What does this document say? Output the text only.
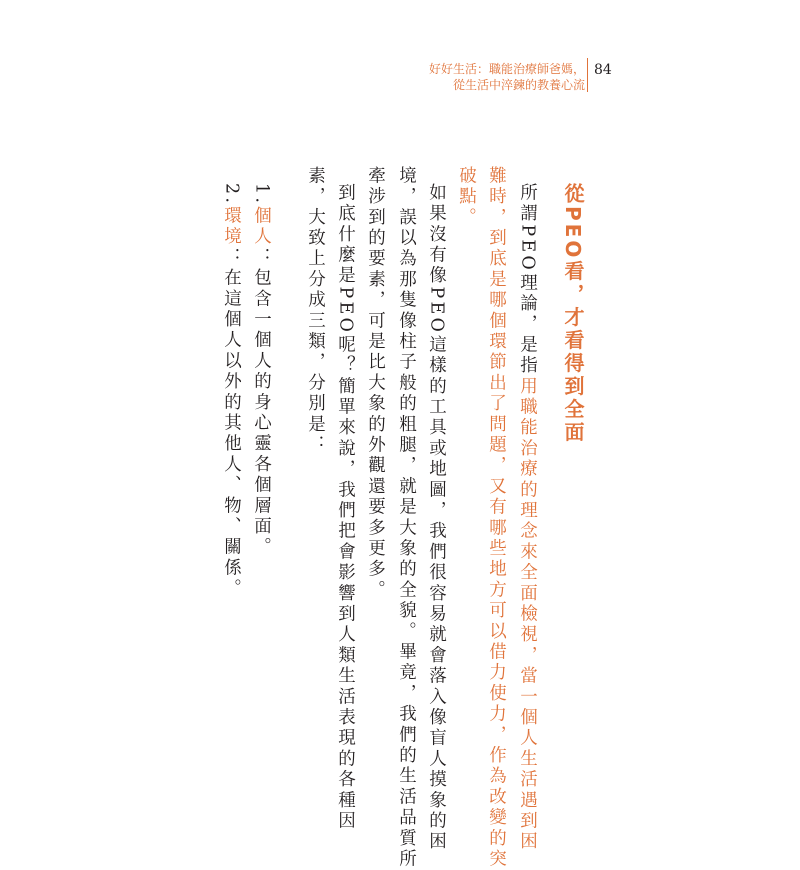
好好生活：職能治療師爸媽，
從生活中淬鍊的教養心流
84
從PEO看，才看得到全面
所謂PEO理論，是指用職能治療的理念來全面檢視，當一個人生活遇到困
難時，到底是哪個環節出了問題，又有哪些地方可以借力使力，作為改變的突
破點。
如果沒有像PEO這樣的工具或地圖，我們很容易就會落入像盲人摸象的困
境，誤以為那隻像柱子般的粗腿，就是大象的全貌。畢竟，我們的生活品質所
牽涉到的要素，可是比大象的外觀還要多更多。
到底什麼是PEO呢？簡單來說，我們把會影響到人類生活表現的各種因
素，大致上分成三類，分別是：
1.個人：包含一個人的身心靈各個層面。
2.環境：在這個人以外的其他人、物、關係。
